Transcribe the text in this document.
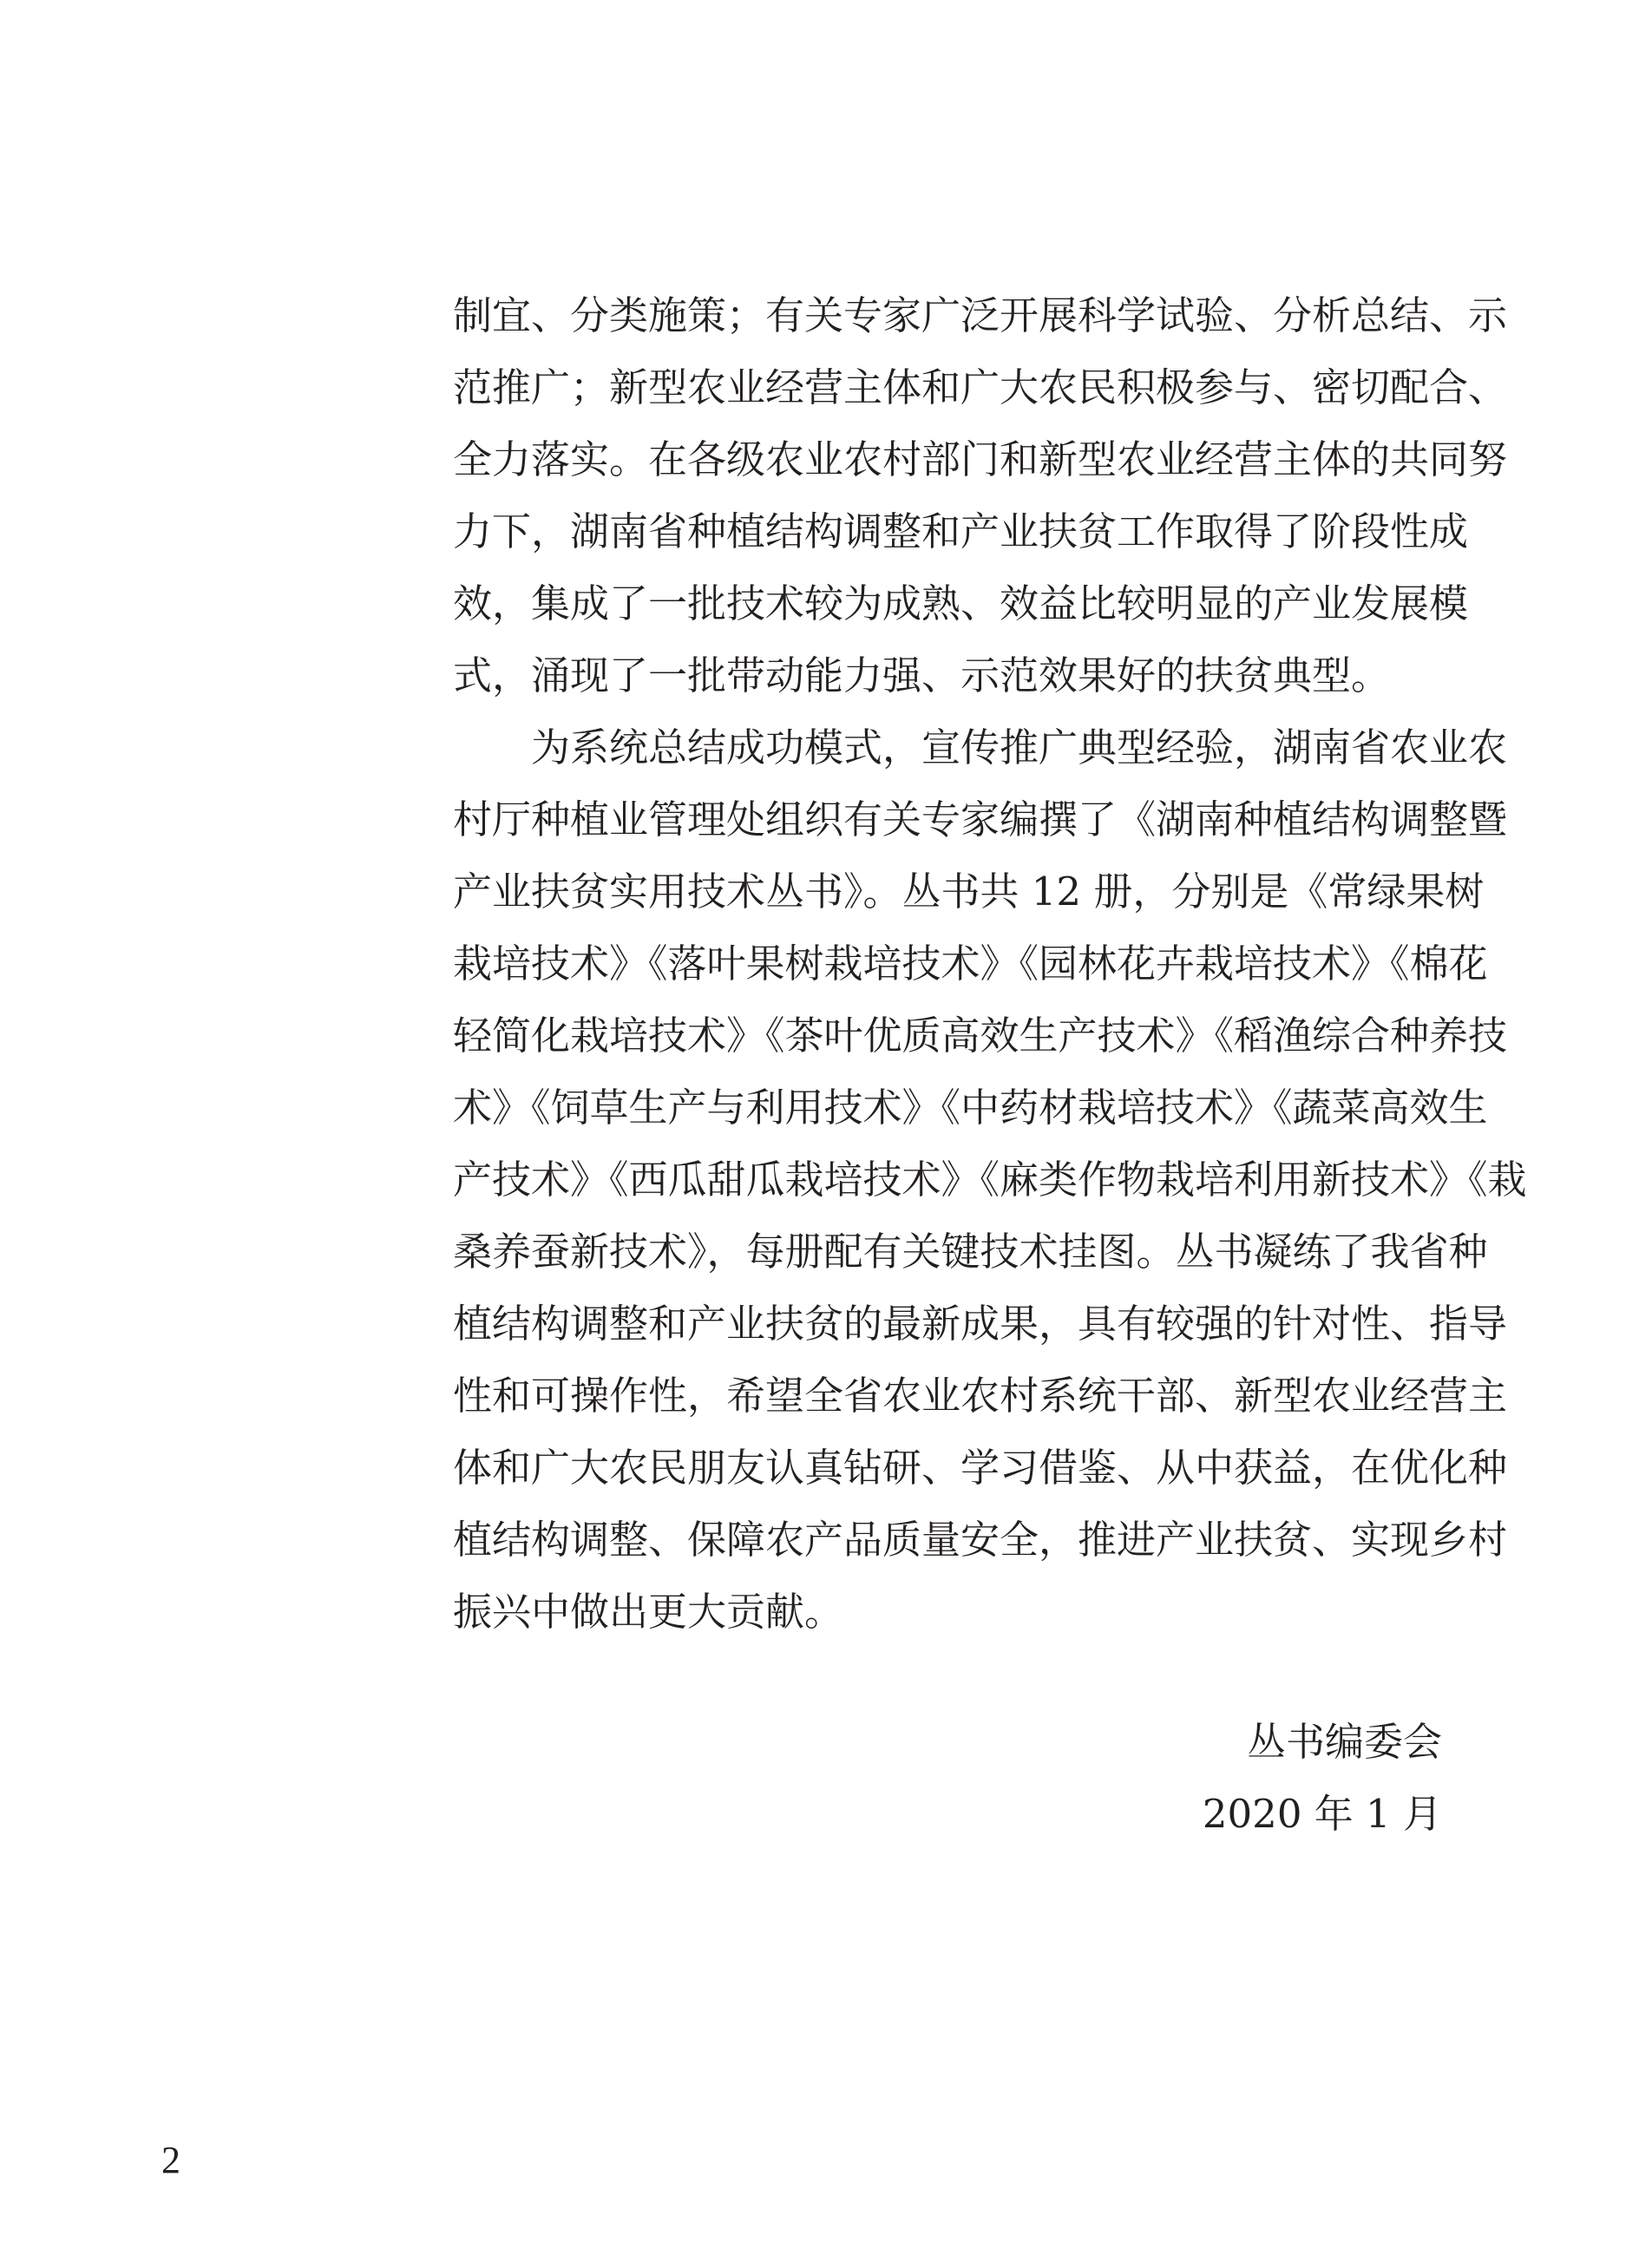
制宜、分类施策；有关专家广泛开展科学试验、分析总结、示
范推广；新型农业经营主体和广大农民积极参与、密切配合、
全力落实。在各级农业农村部门和新型农业经营主体的共同努
力下，湖南省种植结构调整和产业扶贫工作取得了阶段性成
效，集成了一批技术较为成熟、效益比较明显的产业发展模
式，涌现了一批带动能力强、示范效果好的扶贫典型。
为系统总结成功模式，宣传推广典型经验，湖南省农业农
村厅种植业管理处组织有关专家编撰了《湖南种植结构调整暨
产业扶贫实用技术丛书》。丛书共 12 册，分别是《常绿果树
栽培技术》《落叶果树栽培技术》《园林花卉栽培技术》《棉花
轻简化栽培技术》《茶叶优质高效生产技术》《稻渔综合种养技
术》《饲草生产与利用技术》《中药材栽培技术》《蔬菜高效生
产技术》《西瓜甜瓜栽培技术》《麻类作物栽培利用新技术》《栽
桑养蚕新技术》，每册配有关键技术挂图。丛书凝练了我省种
植结构调整和产业扶贫的最新成果，具有较强的针对性、指导
性和可操作性，希望全省农业农村系统干部、新型农业经营主
体和广大农民朋友认真钻研、学习借鉴、从中获益，在优化种
植结构调整、保障农产品质量安全，推进产业扶贫、实现乡村
振兴中做出更大贡献。
丛书编委会
2020 年 1 月
2
